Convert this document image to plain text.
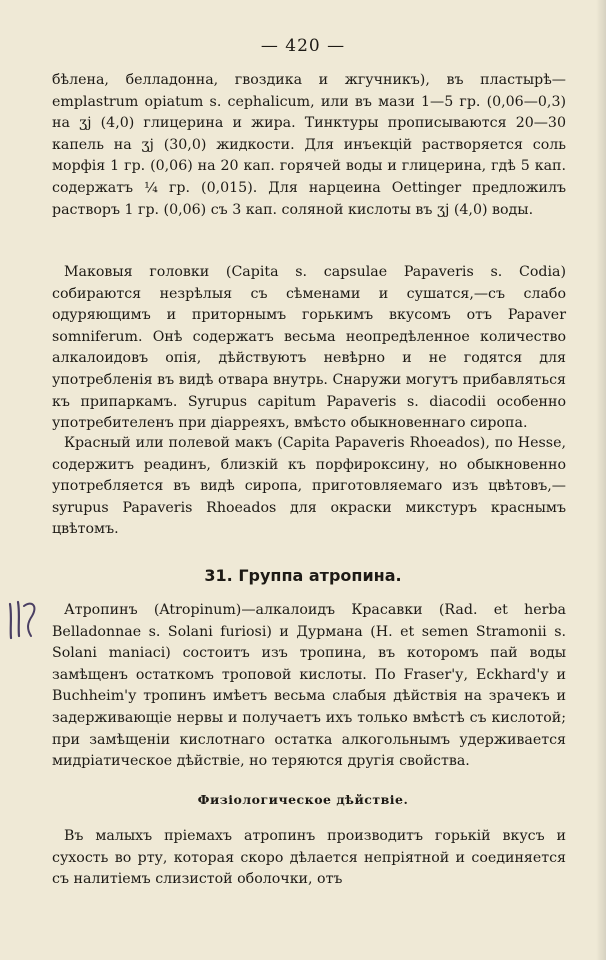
— 420 —

бѣлена, белладонна, гвоздика и жгучникъ), въ пластырѣ—emplastrum opiatum s. cephalicum, или въ мази 1—5 гр. (0,06—0,3) на ʒj (4,0) глицерина и жира. Тинктуры прописываются 20—30 капель на ʒj (30,0) жидкости. Для инъекцій растворяется соль морфія 1 гр. (0,06) на 20 кап. горячей воды и глицерина, гдѣ 5 кап. содержатъ ¼ гр. (0,015). Для нарцеина Oettinger предложилъ растворъ 1 гр. (0,06) съ 3 кап. соляной кислоты въ ʒj (4,0) воды.

Маковыя головки (Capita s. capsulae Papaveris s. Codia) собираются незрѣлыя съ сѣменами и сушатся,—съ слабо одуряющимъ и приторнымъ горькимъ вкусомъ отъ Papaver somniferum. Онѣ содержатъ весьма неопредѣленное количество алкалоидовъ опія, дѣйствуютъ невѣрно и не годятся для употребленія въ видѣ отвара внутрь. Снаружи могутъ прибавляться къ припаркамъ. Syrupus capitum Papaveris s. diacodii особенно употребителенъ при діарреяхъ, вмѣсто обыкновеннаго сиропа.

Красный или полевой макъ (Capita Papaveris Rhoeados), по Hesse, содержитъ реадинъ, близкій къ порфироксину, но обыкновенно употребляется въ видѣ сиропа, приготовляемаго изъ цвѣтовъ,—syrupus Papaveris Rhoeados для окраски микстуръ краснымъ цвѣтомъ.

31. Группа атропина.

Атропинъ (Atropinum)—алкалоидъ Красавки (Rad. et herba Belladonnae s. Solani furiosi) и Дурмана (H. et semen Stramonii s. Solani maniaci) состоитъ изъ тропина, въ которомъ пай воды замѣщенъ остаткомъ троповой кислоты. По Fraser'у, Eckhard'у и Buchheim'у тропинъ имѣетъ весьма слабыя дѣйствія на зрачекъ и задерживающіе нервы и получаетъ ихъ только вмѣстѣ съ кислотой; при замѣщеніи кислотнаго остатка алкогольнымъ удерживается мидріатическое дѣйствіе, но теряются другія свойства.

Физіологическое дѣйствіе.

Въ малыхъ пріемахъ атропинъ производитъ горькій вкусъ и сухость во рту, которая скоро дѣлается непріятной и соединяется съ налитіемъ слизистой оболочки, отъ
